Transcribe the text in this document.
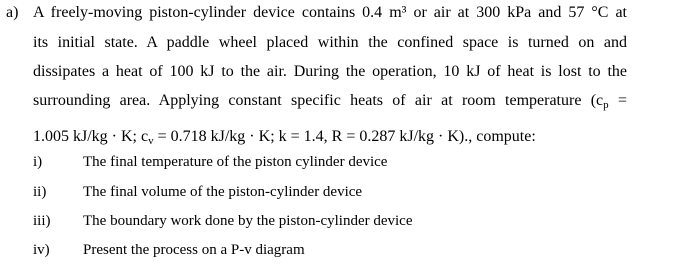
a) A freely-moving piston-cylinder device contains 0.4 m³ or air at 300 kPa and 57 °C at
its initial state. A paddle wheel placed within the confined space is turned on and
dissipates a heat of 100 kJ to the air. During the operation, 10 kJ of heat is lost to the
surrounding area. Applying constant specific heats of air at room temperature (cp =
1.005 kJ/kg · K; cv = 0.718 kJ/kg · K; k = 1.4, R = 0.287 kJ/kg · K)., compute:
i)	The final temperature of the piston cylinder device
ii) The final volume of the piston-cylinder device
iii) The boundary work done by the piston-cylinder device
iv) Present the process on a P-v diagram
